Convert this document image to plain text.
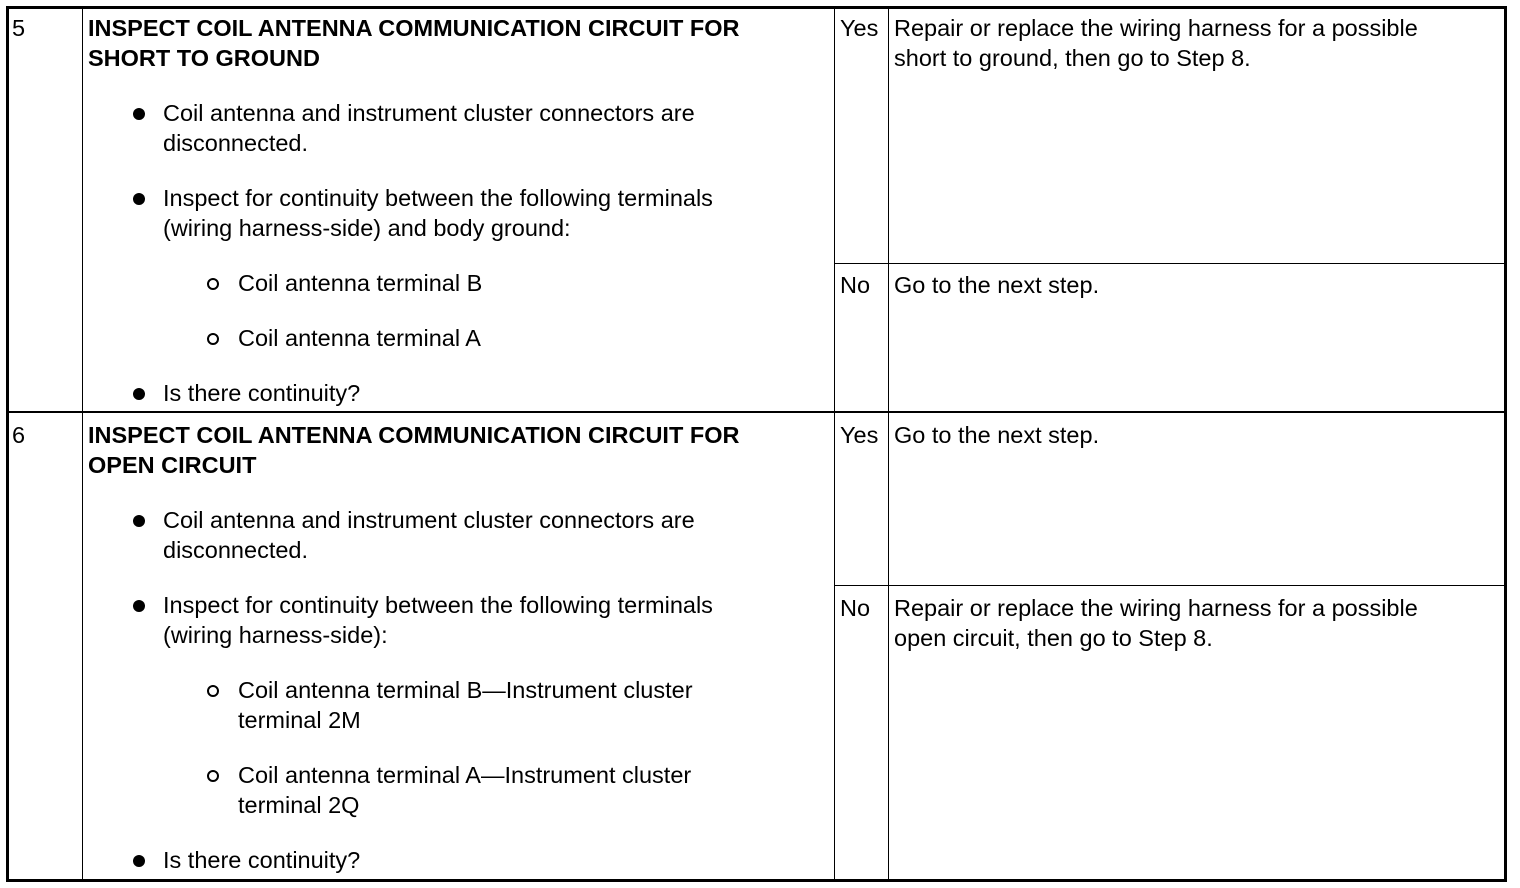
5	INSPECT COIL ANTENNA COMMUNICATION CIRCUIT FOR
SHORT TO GROUND
Coil antenna and instrument cluster connectors are
disconnected.
Inspect for continuity between the following terminals
(wiring harness-side) and body ground:
Coil antenna terminal B
Coil antenna terminal A
Is there continuity?
Yes Repair or replace the wiring harness for a possible
short to ground, then go to Step 8.
No Go to the next step.
6	INSPECT COIL ANTENNA COMMUNICATION CIRCUIT FOR
OPEN CIRCUIT
Coil antenna and instrument cluster connectors are
disconnected.
Inspect for continuity between the following terminals
(wiring harness-side):
Coil antenna terminal B—Instrument cluster
terminal 2M
Coil antenna terminal A—Instrument cluster
terminal 2Q
Is there continuity?
Yes Go to the next step.
No Repair or replace the wiring harness for a possible
open circuit, then go to Step 8.
